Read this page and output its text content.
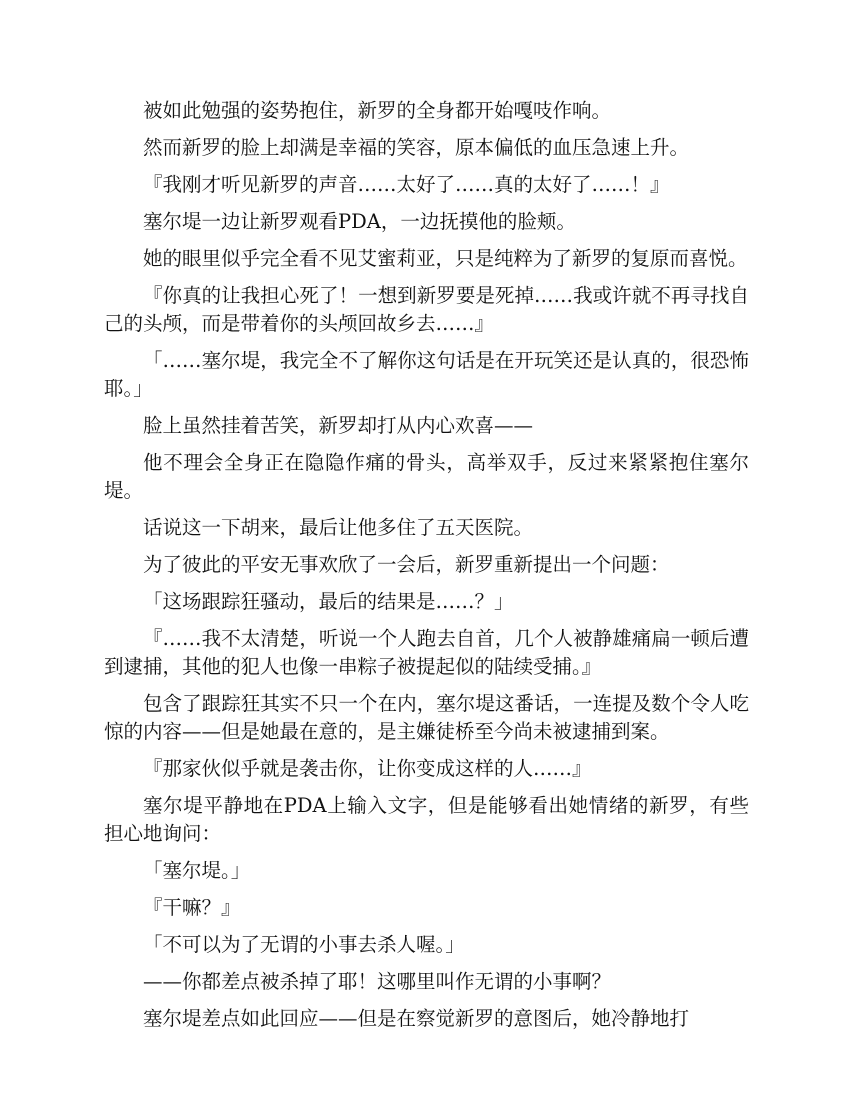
被如此勉强的姿势抱住，新罗的全身都开始嘎吱作响。

然而新罗的脸上却满是幸福的笑容，原本偏低的血压急速上升。

『我刚才听见新罗的声音……太好了……真的太好了……！』

塞尔堤一边让新罗观看PDA，一边抚摸他的脸颊。

她的眼里似乎完全看不见艾蜜莉亚，只是纯粹为了新罗的复原而喜悦。

『你真的让我担心死了！一想到新罗要是死掉……我或许就不再寻找自己的头颅，而是带着你的头颅回故乡去……』

「……塞尔堤，我完全不了解你这句话是在开玩笑还是认真的，很恐怖耶。」

脸上虽然挂着苦笑，新罗却打从内心欢喜——

他不理会全身正在隐隐作痛的骨头，高举双手，反过来紧紧抱住塞尔堤。

话说这一下胡来，最后让他多住了五天医院。

为了彼此的平安无事欢欣了一会后，新罗重新提出一个问题：

「这场跟踪狂骚动，最后的结果是……？」

『……我不太清楚，听说一个人跑去自首，几个人被静雄痛扁一顿后遭到逮捕，其他的犯人也像一串粽子被提起似的陆续受捕。』

包含了跟踪狂其实不只一个在内，塞尔堤这番话，一连提及数个令人吃惊的内容——但是她最在意的，是主嫌徒桥至今尚未被逮捕到案。

『那家伙似乎就是袭击你，让你变成这样的人……』

塞尔堤平静地在PDA上输入文字，但是能够看出她情绪的新罗，有些担心地询问：

「塞尔堤。」

『干嘛？』

「不可以为了无谓的小事去杀人喔。」

——你都差点被杀掉了耶！这哪里叫作无谓的小事啊？

塞尔堤差点如此回应——但是在察觉新罗的意图后，她冷静地打
